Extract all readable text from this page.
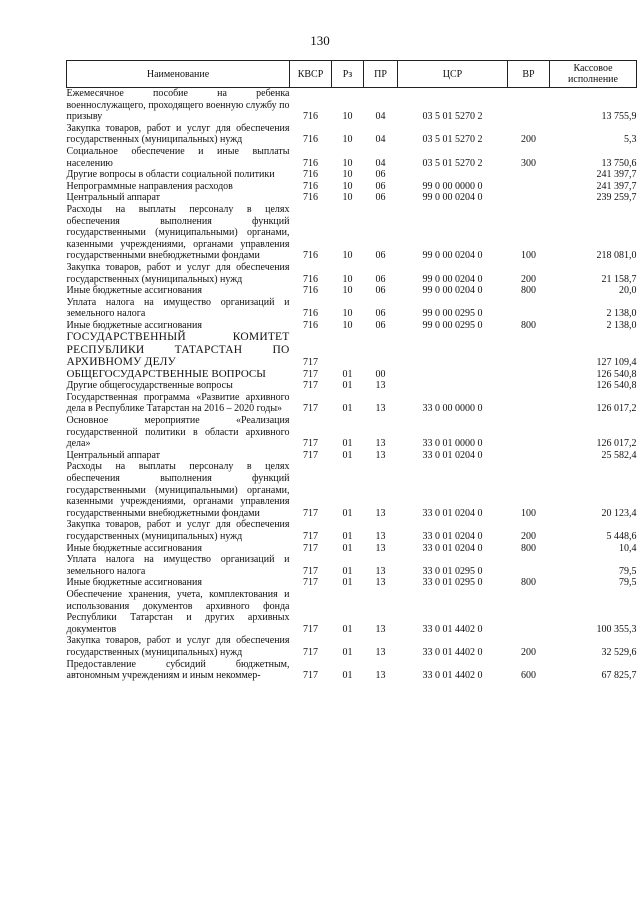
130
Наименование	КВСР	Рз	ПР	ЦСР	ВР	Кассовое исполнение
Ежемесячное пособие на ребенка военнослужащего, проходящего военную службу по призыву	716	10	04	03 5 01 5270 2		13 755,9
Закупка товаров, работ и услуг для обеспечения государственных (муниципальных) нужд	716	10	04	03 5 01 5270 2	200	5,3
Социальное обеспечение и иные выплаты населению	716	10	04	03 5 01 5270 2	300	13 750,6
Другие вопросы в области социальной политики	716	10	06			241 397,7
Непрограммные направления расходов	716	10	06	99 0 00 0000 0		241 397,7
Центральный аппарат	716	10	06	99 0 00 0204 0		239 259,7
Расходы на выплаты персоналу в целях обеспечения выполнения функций государственными (муниципальными) органами, казенными учреждениями, органами управления государственными внебюджетными фондами	716	10	06	99 0 00 0204 0	100	218 081,0
Закупка товаров, работ и услуг для обеспечения государственных (муниципальных) нужд	716	10	06	99 0 00 0204 0	200	21 158,7
Иные бюджетные ассигнования	716	10	06	99 0 00 0204 0	800	20,0
Уплата налога на имущество организаций и земельного налога	716	10	06	99 0 00 0295 0		2 138,0
Иные бюджетные ассигнования	716	10	06	99 0 00 0295 0	800	2 138,0
ГОСУДАРСТВЕННЫЙ КОМИТЕТ РЕСПУБЛИКИ ТАТАРСТАН ПО АРХИВНОМУ ДЕЛУ	717					127 109,4
ОБЩЕГОСУДАРСТВЕННЫЕ ВОПРОСЫ	717	01	00			126 540,8
Другие общегосударственные вопросы	717	01	13			126 540,8
Государственная программа «Развитие архивного дела в Республике Татарстан на 2016 – 2020 годы»	717	01	13	33 0 00 0000 0		126 017,2
Основное мероприятие «Реализация государственной политики в области архивного дела»	717	01	13	33 0 01 0000 0		126 017,2
Центральный аппарат	717	01	13	33 0 01 0204 0		25 582,4
Расходы на выплаты персоналу в целях обеспечения выполнения функций государственными (муниципальными) органами, казенными учреждениями, органами управления государственными внебюджетными фондами	717	01	13	33 0 01 0204 0	100	20 123,4
Закупка товаров, работ и услуг для обеспечения государственных (муниципальных) нужд	717	01	13	33 0 01 0204 0	200	5 448,6
Иные бюджетные ассигнования	717	01	13	33 0 01 0204 0	800	10,4
Уплата налога на имущество организаций и земельного налога	717	01	13	33 0 01 0295 0		79,5
Иные бюджетные ассигнования	717	01	13	33 0 01 0295 0	800	79,5
Обеспечение хранения, учета, комплектования и использования документов архивного фонда Республики Татарстан и других архивных документов	717	01	13	33 0 01 4402 0		100 355,3
Закупка товаров, работ и услуг для обеспечения государственных (муниципальных) нужд	717	01	13	33 0 01 4402 0	200	32 529,6
Предоставление субсидий бюджетным, автономным учреждениям и иным некоммер-	717	01	13	33 0 01 4402 0	600	67 825,7
